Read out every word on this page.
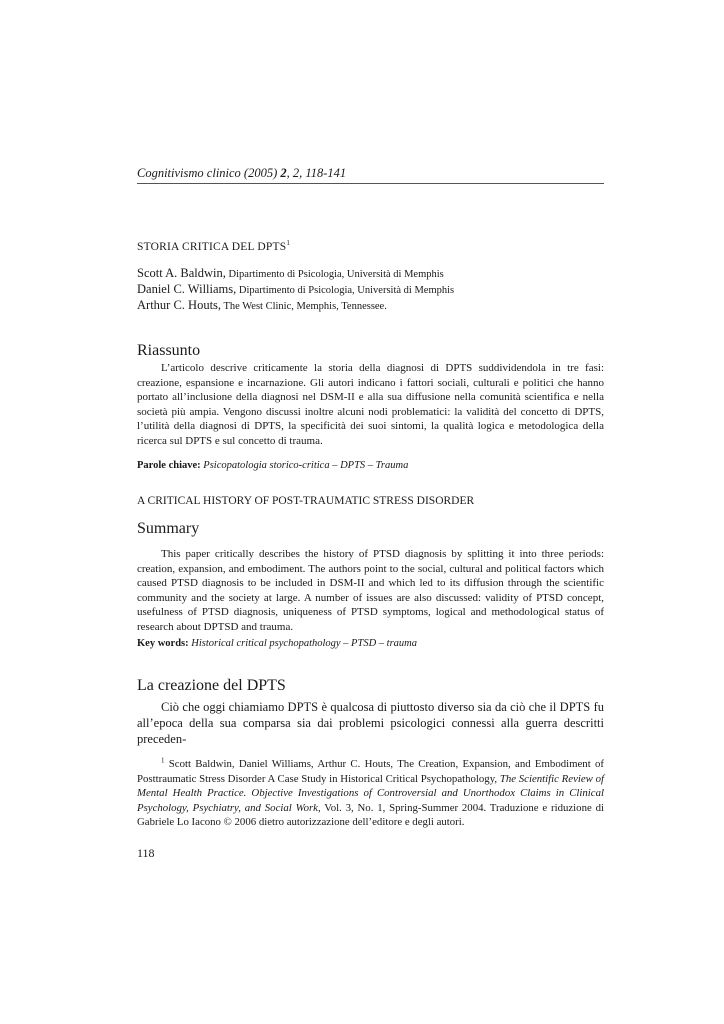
Cognitivismo clinico (2005) 2, 2, 118-141
STORIA CRITICA DEL DPTS$^1$
Scott A. Baldwin, Dipartimento di Psicologia, Università di Memphis
Daniel C. Williams, Dipartimento di Psicologia, Università di Memphis
Arthur C. Houts, The West Clinic, Memphis, Tennessee.
Riassunto

L’articolo descrive criticamente la storia della diagnosi di DPTS suddividendola in tre fasi: creazione, espansione e incarnazione. Gli autori indicano i fattori sociali, culturali e politici che hanno portato all’inclusione della diagnosi nel DSM-II e alla sua diffusione nella comunità scientifica e nella società più ampia. Vengono discussi inoltre alcuni nodi problematici: la validità del concetto di DPTS, l’utilità della diagnosi di DPTS, la specificità dei suoi sintomi, la qualità logica e metodologica della ricerca sul DPTS e sul concetto di trauma.

Parole chiave: Psicopatologia storico-critica – DPTS – Trauma
A CRITICAL HISTORY OF POST-TRAUMATIC STRESS DISORDER
Summary

This paper critically describes the history of PTSD diagnosis by splitting it into three periods: creation, expansion, and embodiment. The authors point to the social, cultural and political factors which caused PTSD diagnosis to be included in DSM-II and which led to its diffusion through the scientific community and the society at large. A number of issues are also discussed: validity of PTSD concept, usefulness of PTSD diagnosis, uniqueness of PTSD symptoms, logical and methodological status of research about DPTSD and trauma.

Key words: Historical critical psychopathology – PTSD – trauma
La creazione del DPTS

Ciò che oggi chiamiamo DPTS è qualcosa di piuttosto diverso sia da ciò che il DPTS fu all’epoca della sua comparsa sia dai problemi psicologici connessi alla guerra descritti preceden-

$^1$ Scott Baldwin, Daniel Williams, Arthur C. Houts, The Creation, Expansion, and Embodiment of Posttraumatic Stress Disorder A Case Study in Historical Critical Psychopathology, The Scientific Review of Mental Health Practice. Objective Investigations of Controversial and Unorthodox Claims in Clinical Psychology, Psychiatry, and Social Work, Vol. 3, No. 1, Spring-Summer 2004. Traduzione e riduzione di Gabriele Lo Iacono © 2006 dietro autorizzazione dell’editore e degli autori.

118
